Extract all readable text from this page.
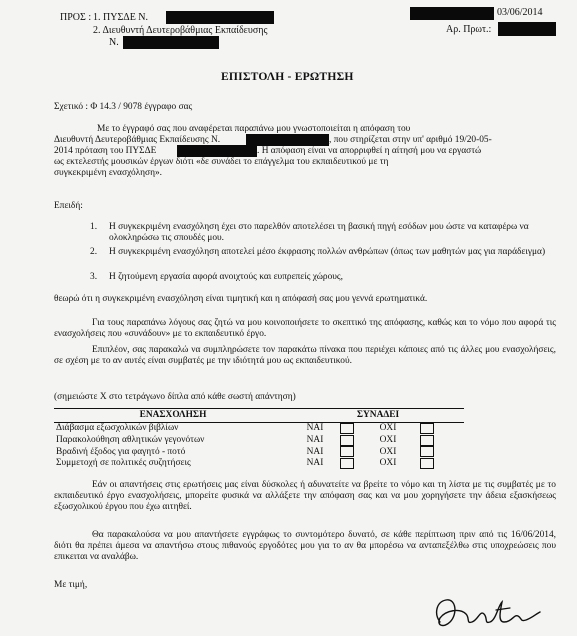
ΠΡΟΣ : 1. ΠΥΣΔΕ Ν.
2. Διευθυντή Δευτεροβάθμιας Εκπαίδευσης
Ν.
, 03/06/2014
Αρ. Πρωτ.:
ΕΠΙΣΤΟΛΗ - ΕΡΩΤΗΣΗ
Σχετικό : Φ 14.3 / 9078 έγγραφο σας
Με το έγγραφό σας που αναφέρεται παραπάνω μου γνωστοποιείται η απόφαση του
Διευθυντή Δευτεροβάθμιας Εκπαίδευσης Ν.	, που στηρίζεται στην υπ' αριθμό 19/20-05-
2014 πρόταση του ΠΥΣΔΕ	. Η απόφαση είναι να απορριφθεί η αίτησή μου να εργαστώ
ως εκτελεστής μουσικών έργων διότι «δε συνάδει το επάγγελμα του εκπαιδευτικού με τη
συγκεκριμένη ενασχόληση».
Επειδή:
1. Η συγκεκριμένη ενασχόληση έχει στο παρελθόν αποτελέσει τη βασική πηγή εσόδων μου ώστε να καταφέρω να ολοκληρώσω τις σπουδές μου.
2. Η συγκεκριμένη ενασχόληση αποτελεί μέσο έκφρασης πολλών ανθρώπων (όπως των μαθητών μας για παράδειγμα)
3. Η ζητούμενη εργασία αφορά ανοιχτούς και ευπρεπείς χώρους,
θεωρώ ότι η συγκεκριμένη ενασχόληση είναι τιμητική και η απόφασή σας μου γεννά ερωτηματικά.
Για τους παραπάνω λόγους σας ζητώ να μου κοινοποιήσετε το σκεπτικό της απόφασης, καθώς και το νόμο που αφορά τις ενασχολήσεις που «συνάδουν» με το εκπαιδευτικό έργο.
Επιπλέον, σας παρακαλώ να συμπληρώσετε τον παρακάτω πίνακα που περιέχει κάποιες από τις άλλες μου ενασχολήσεις, σε σχέση με το αν αυτές είναι συμβατές με την ιδιότητά μου ως εκπαιδευτικού.
(σημειώστε Χ στο τετράγωνο δίπλα από κάθε σωστή απάντηση)
ΕΝΑΣΧΟΛΗΣΗ	ΣΥΝΑΔΕΙ			
Διάβασμα εξωσχολικών βιβλίων	ΝΑΙ		ΟΧΙ	
Παρακολούθηση αθλητικών γεγονότων	ΝΑΙ		ΟΧΙ	
Βραδινή έξοδος για φαγητό - ποτό	ΝΑΙ		ΟΧΙ	
Συμμετοχή σε πολιτικές συζητήσεις	ΝΑΙ		ΟΧΙ	
Εάν οι απαντήσεις στις ερωτήσεις μας είναι δύσκολες ή αδυνατείτε να βρείτε το νόμο και τη λίστα με τις συμβατές με το εκπαιδευτικό έργο ενασχολήσεις, μπορείτε φυσικά να αλλάξετε την απόφαση σας και να μου χορηγήσετε την άδεια εξασκήσεως εξωσχολικού έργου που έχω αιτηθεί.
Θα παρακαλούσα να μου απαντήσετε εγγράφως το συντομότερο δυνατό, σε κάθε περίπτωση πριν από τις 16/06/2014, διότι θα πρέπει άμεσα να απαντήσω στους πιθανούς εργοδότες μου για το αν θα μπορέσω να ανταπεξέλθω στις υποχρεώσεις που επικειται να αναλάβω.
Με τιμή,
